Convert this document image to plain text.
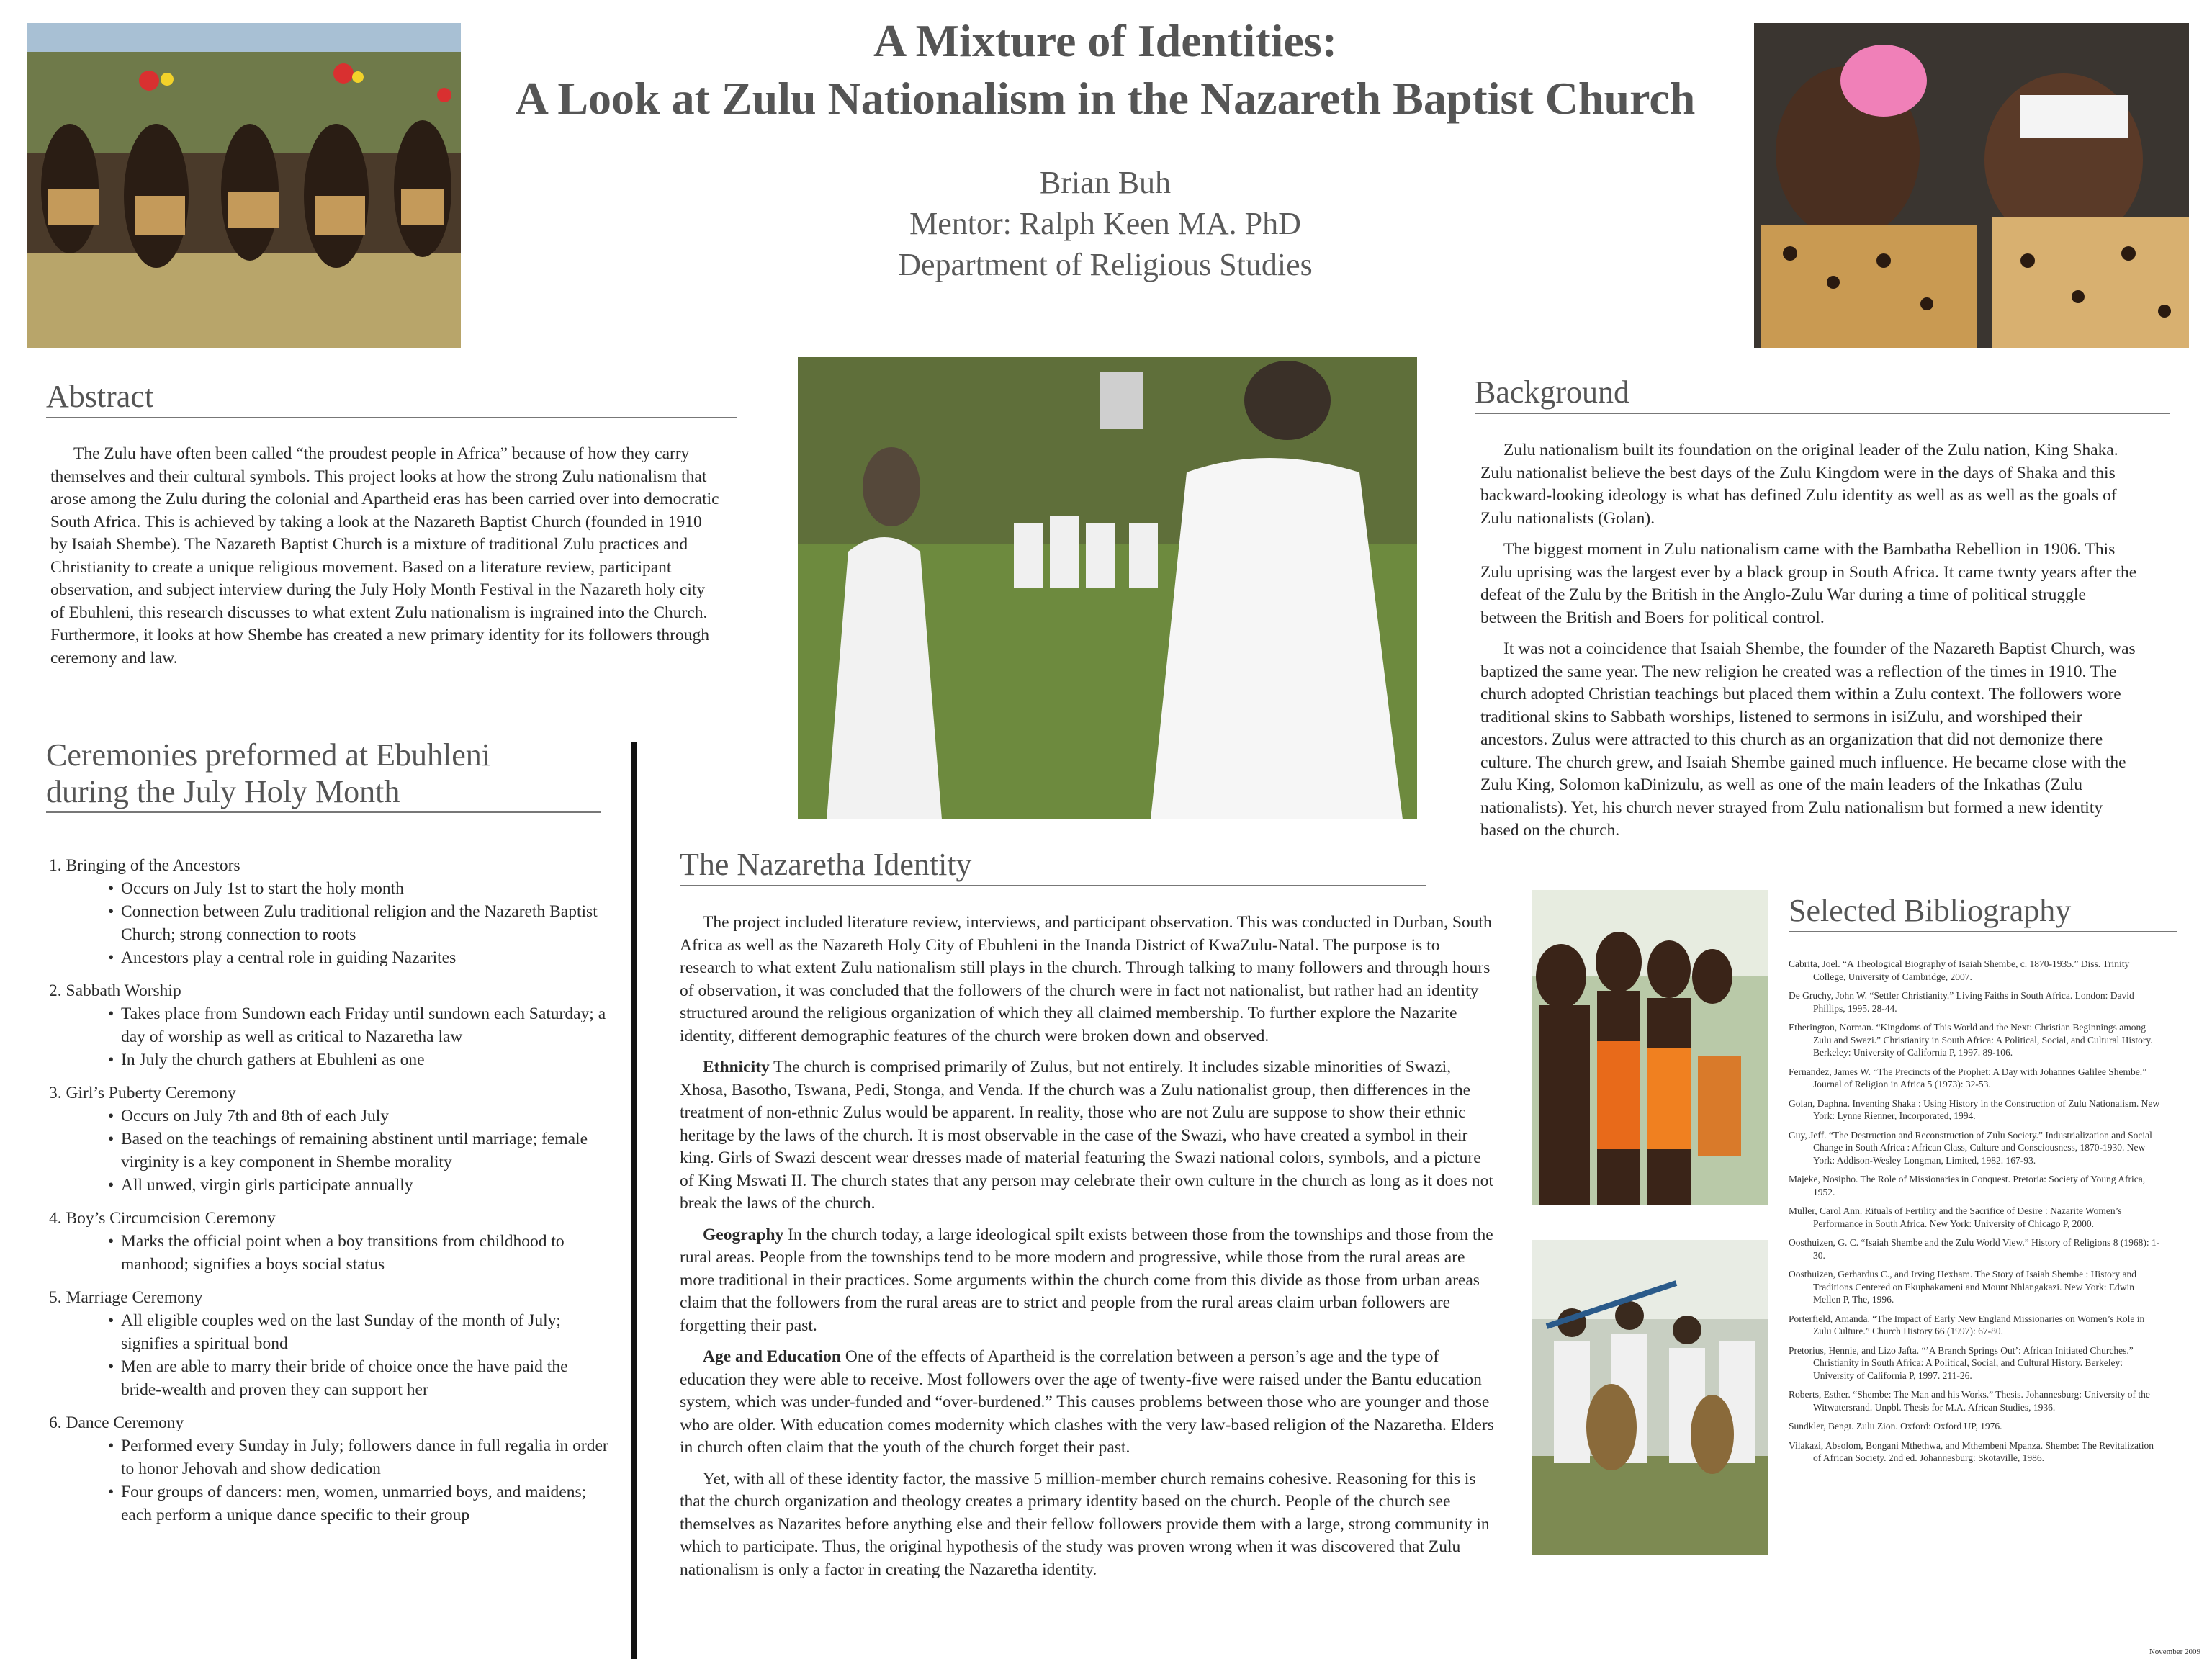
A Mixture of Identities:
A Look at Zulu Nationalism in the Nazareth Baptist Church
Brian Buh
Mentor: Ralph Keen MA. PhD
Department of Religious Studies
Abstract

The Zulu have often been called “the proudest people in Africa” because of how they carry themselves and their cultural symbols. This project looks at how the strong Zulu nationalism that arose among the Zulu during the colonial and Apartheid eras has been carried over into democratic South Africa. This is achieved by taking a look at the Nazareth Baptist Church (founded in 1910 by Isaiah Shembe). The Nazareth Baptist Church is a mixture of traditional Zulu practices and Christianity to create a unique religious movement. Based on a literature review, participant observation, and subject interview during the July Holy Month Festival in the Nazareth holy city of Ebuhleni, this research discusses to what extent Zulu nationalism is ingrained into the Church. Furthermore, it looks at how Shembe has created a new primary identity for its followers through ceremony and law.

Ceremonies preformed at Ebuhleni
during the July Holy Month
1. Bringing of the Ancestors
• Occurs on July 1st to start the holy month
• Connection between Zulu traditional religion and the Nazareth Baptist Church; strong connection to roots
• Ancestors play a central role in guiding Nazarites
2. Sabbath Worship
• Takes place from Sundown each Friday until sundown each Saturday; a day of worship as well as critical to Nazaretha law
• In July the church gathers at Ebuhleni as one
3. Girl’s Puberty Ceremony
• Occurs on July 7th and 8th of each July
• Based on the teachings of remaining abstinent until marriage; female virginity is a key component in Shembe morality
• All unwed, virgin girls participate annually
4. Boy’s Circumcision Ceremony
• Marks the official point when a boy transitions from childhood to manhood; signifies a boys social status
5. Marriage Ceremony
• All eligible couples wed on the last Sunday of the month of July; signifies a spiritual bond
• Men are able to marry their bride of choice once the have paid the bride-wealth and proven they can support her
6. Dance Ceremony
• Performed every Sunday in July; followers dance in full regalia in order to honor Jehovah and show dedication
• Four groups of dancers: men, women, unmarried boys, and maidens; each perform a unique dance specific to their group
Background

Zulu nationalism built its foundation on the original leader of the Zulu nation, King Shaka. Zulu nationalist believe the best days of the Zulu Kingdom were in the days of Shaka and this backward-looking ideology is what has defined Zulu identity as well as as well as the goals of Zulu nationalists (Golan).

The biggest moment in Zulu nationalism came with the Bambatha Rebellion in 1906. This Zulu uprising was the largest ever by a black group in South Africa. It came twnty years after the defeat of the Zulu by the British in the Anglo-Zulu War during a time of political struggle between the British and Boers for political control.

It was not a coincidence that Isaiah Shembe, the founder of the Nazareth Baptist Church, was baptized the same year. The new religion he created was a reflection of the times in 1910. The church adopted Christian teachings but placed them within a Zulu context. The followers wore traditional skins to Sabbath worships, listened to sermons in isiZulu, and worshiped their ancestors. Zulus were attracted to this church as an organization that did not demonize there culture. The church grew, and Isaiah Shembe gained much influence. He became close with the Zulu King, Solomon kaDinizulu, as well as one of the main leaders of the Inkathas (Zulu nationalists). Yet, his church never strayed from Zulu nationalism but formed a new identity based on the church.

The Nazaretha Identity

The project included literature review, interviews, and participant observation. This was conducted in Durban, South Africa as well as the Nazareth Holy City of Ebuhleni in the Inanda District of KwaZulu-Natal. The purpose is to research to what extent Zulu nationalism still plays in the church. Through talking to many followers and through hours of observation, it was concluded that the followers of the church were in fact not nationalist, but rather had an identity structured around the religious organization of which they all claimed membership. To further explore the Nazarite identity, different demographic features of the church were broken down and observed.

Ethnicity The church is comprised primarily of Zulus, but not entirely. It includes sizable minorities of Swazi, Xhosa, Basotho, Tswana, Pedi, Stonga, and Venda. If the church was a Zulu nationalist group, then differences in the treatment of non-ethnic Zulus would be apparent. In reality, those who are not Zulu are suppose to show their ethnic heritage by the laws of the church. It is most observable in the case of the Swazi, who have created a symbol in their king. Girls of Swazi descent wear dresses made of material featuring the Swazi national colors, symbols, and a picture of King Mswati II. The church states that any person may celebrate their own culture in the church as long as it does not break the laws of the church.

Geography In the church today, a large ideological spilt exists between those from the townships and those from the rural areas. People from the townships tend to be more modern and progressive, while those from the rural areas are more traditional in their practices. Some arguments within the church come from this divide as those from urban areas claim that the followers from the rural areas are to strict and people from the rural areas claim urban followers are forgetting their past.

Age and Education One of the effects of Apartheid is the correlation between a person’s age and the type of education they were able to receive. Most followers over the age of twenty-five were raised under the Bantu education system, which was under-funded and “over-burdened.” This causes problems between those who are younger and those who are older. With education comes modernity which clashes with the very law-based religion of the Nazaretha. Elders in church often claim that the youth of the church forget their past.

Yet, with all of these identity factor, the massive 5 million-member church remains cohesive. Reasoning for this is that the church organization and theology creates a primary identity based on the church. People of the church see themselves as Nazarites before anything else and their fellow followers provide them with a large, strong community in which to participate. Thus, the original hypothesis of the study was proven wrong when it was discovered that Zulu nationalism is only a factor in creating the Nazaretha identity.

Selected Bibliography
Cabrita, Joel. “A Theological Biography of Isaiah Shembe, c. 1870-1935.” Diss. Trinity College, University of Cambridge, 2007.
De Gruchy, John W. “Settler Christianity.” Living Faiths in South Africa. London: David Phillips, 1995. 28-44.
Etherington, Norman. “Kingdoms of This World and the Next: Christian Beginnings among Zulu and Swazi.” Christianity in South Africa: A Political, Social, and Cultural History. Berkeley: University of California P, 1997. 89-106.
Fernandez, James W. “The Precincts of the Prophet: A Day with Johannes Galilee Shembe.” Journal of Religion in Africa 5 (1973): 32-53.
Golan, Daphna. Inventing Shaka : Using History in the Construction of Zulu Nationalism. New York: Lynne Rienner, Incorporated, 1994.
Guy, Jeff. “The Destruction and Reconstruction of Zulu Society.” Industrialization and Social Change in South Africa : African Class, Culture and Consciousness, 1870-1930. New York: Addison-Wesley Longman, Limited, 1982. 167-93.
Majeke, Nosipho. The Role of Missionaries in Conquest. Pretoria: Society of Young Africa, 1952.
Muller, Carol Ann. Rituals of Fertility and the Sacrifice of Desire : Nazarite Women’s Performance in South Africa. New York: University of Chicago P, 2000.
Oosthuizen, G. C. “Isaiah Shembe and the Zulu World View.” History of Religions 8 (1968): 1-30.
Oosthuizen, Gerhardus C., and Irving Hexham. The Story of Isaiah Shembe : History and Traditions Centered on Ekuphakameni and Mount Nhlangakazi. New York: Edwin Mellen P, The, 1996.
Porterfield, Amanda. “The Impact of Early New England Missionaries on Women’s Role in Zulu Culture.” Church History 66 (1997): 67-80.
Pretorius, Hennie, and Lizo Jafta. “’A Branch Springs Out’: African Initiated Churches.” Christianity in South Africa: A Political, Social, and Cultural History. Berkeley: University of California P, 1997. 211-26.
Roberts, Esther. “Shembe: The Man and his Works.” Thesis. Johannesburg: University of the Witwatersrand. Unpbl. Thesis for M.A. African Studies, 1936.
Sundkler, Bengt. Zulu Zion. Oxford: Oxford UP, 1976.
Vilakazi, Absolom, Bongani Mthethwa, and Mthembeni Mpanza. Shembe: The Revitalization of African Society. 2nd ed. Johannesburg: Skotaville, 1986.
November 2009
